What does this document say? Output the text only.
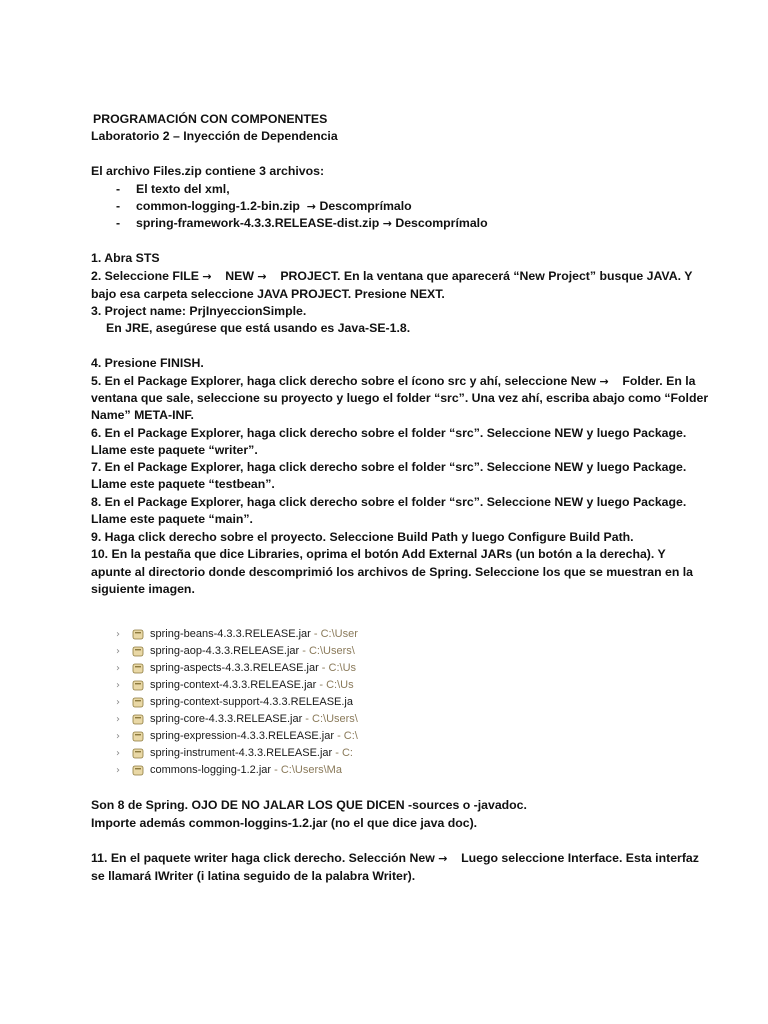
PROGRAMACIÓN CON COMPONENTES
Laboratorio 2 – Inyección de Dependencia
El archivo Files.zip contiene 3 archivos:
- El texto del xml,
- common-logging-1.2-bin.zip → Descomprímalo
- spring-framework-4.3.3.RELEASE-dist.zip → Descomprímalo
1. Abra STS
2. Seleccione FILE → NEW → PROJECT. En la ventana que aparecerá “New Project” busque JAVA. Y
bajo esa carpeta seleccione JAVA PROJECT. Presione NEXT.
3. Project name: PrjInyeccionSimple.
En JRE, asegúrese que está usando es Java-SE-1.8.
4. Presione FINISH.
5. En el Package Explorer, haga click derecho sobre el ícono src y ahí, seleccione New → Folder. En la
ventana que sale, seleccione su proyecto y luego el folder “src”. Una vez ahí, escriba abajo como “Folder
Name” META-INF.
6. En el Package Explorer, haga click derecho sobre el folder “src”. Seleccione NEW y luego Package.
Llame este paquete “writer”.
7. En el Package Explorer, haga click derecho sobre el folder “src”. Seleccione NEW y luego Package.
Llame este paquete “testbean”.
8. En el Package Explorer, haga click derecho sobre el folder “src”. Seleccione NEW y luego Package.
Llame este paquete “main”.
9. Haga click derecho sobre el proyecto. Seleccione Build Path y luego Configure Build Path.
10. En la pestaña que dice Libraries, oprima el botón Add External JARs (un botón a la derecha). Y
apunte al directorio donde descomprimió los archivos de Spring. Seleccione los que se muestran en la
siguiente imagen.
›	spring-beans-4.3.3.RELEASE.jar - C:\User
›	spring-aop-4.3.3.RELEASE.jar - C:\Users\
›	spring-aspects-4.3.3.RELEASE.jar - C:\Us
›	spring-context-4.3.3.RELEASE.jar - C:\Us
›	spring-context-support-4.3.3.RELEASE.ja
›	spring-core-4.3.3.RELEASE.jar - C:\Users\
›	spring-expression-4.3.3.RELEASE.jar - C:\
›	spring-instrument-4.3.3.RELEASE.jar - C:
›	commons-logging-1.2.jar - C:\Users\Ma
Son 8 de Spring. OJO DE NO JALAR LOS QUE DICEN -sources o -javadoc.
Importe además common-loggins-1.2.jar (no el que dice java doc).
11. En el paquete writer haga click derecho. Selección New → Luego seleccione Interface. Esta interfaz
se llamará IWriter (i latina seguido de la palabra Writer).
